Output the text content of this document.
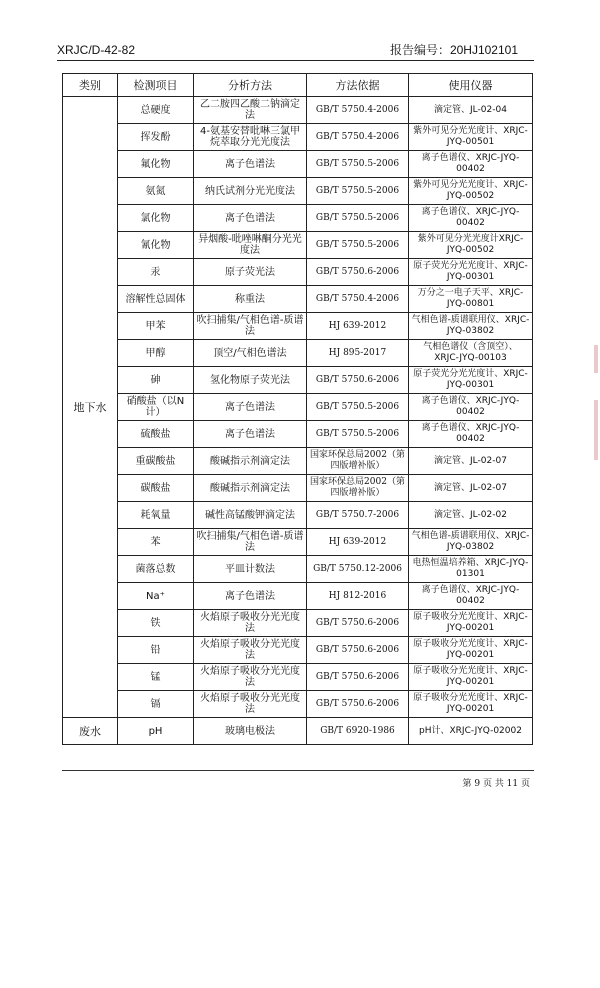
XRJC/D-42-82	报告编号：20HJ102101
类别	检测项目	分析方法	方法依据	使用仪器
地下水	总硬度	乙二胺四乙酸二钠滴定法	GB/T 5750.4-2006	滴定管、JL-02-04
	挥发酚	4-氨基安替吡啉三氯甲烷萃取分光光度法	GB/T 5750.4-2006	紫外可见分光光度计、XRJC-JYQ-00501
	氟化物	离子色谱法	GB/T 5750.5-2006	离子色谱仪、XRJC-JYQ-00402
	氨氮	纳氏试剂分光光度法	GB/T 5750.5-2006	紫外可见分光光度计、XRJC-JYQ-00502
	氯化物	离子色谱法	GB/T 5750.5-2006	离子色谱仪、XRJC-JYQ-00402
	氰化物	异烟酸-吡唑啉酮分光光度法	GB/T 5750.5-2006	紫外可见分光光度计XRJC-JYQ-00502
	汞	原子荧光法	GB/T 5750.6-2006	原子荧光分光光度计、XRJC-JYQ-00301
	溶解性总固体	称重法	GB/T 5750.4-2006	万分之一电子天平、XRJC-JYQ-00801
	甲苯	吹扫捕集/气相色谱-质谱法	HJ 639-2012	气相色谱-质谱联用仪、XRJC-JYQ-03802
	甲醇	顶空/气相色谱法	HJ 895-2017	气相色谱仪（含顶空）、XRJC-JYQ-00103
	砷	氢化物原子荧光法	GB/T 5750.6-2006	原子荧光分光光度计、XRJC-JYQ-00301
	硝酸盐（以N计）	离子色谱法	GB/T 5750.5-2006	离子色谱仪、XRJC-JYQ-00402
	硫酸盐	离子色谱法	GB/T 5750.5-2006	离子色谱仪、XRJC-JYQ-00402
	重碳酸盐	酸碱指示剂滴定法	国家环保总局2002（第四版增补版）	滴定管、JL-02-07
	碳酸盐	酸碱指示剂滴定法	国家环保总局2002（第四版增补版）	滴定管、JL-02-07
	耗氧量	碱性高锰酸钾滴定法	GB/T 5750.7-2006	滴定管、JL-02-02
	苯	吹扫捕集/气相色谱-质谱法	HJ 639-2012	气相色谱-质谱联用仪、XRJC-JYQ-03802
	菌落总数	平皿计数法	GB/T 5750.12-2006	电热恒温培养箱、XRJC-JYQ-01301
	Na⁺	离子色谱法	HJ 812-2016	离子色谱仪、XRJC-JYQ-00402
	铁	火焰原子吸收分光光度法	GB/T 5750.6-2006	原子吸收分光光度计、XRJC-JYQ-00201
	铅	火焰原子吸收分光光度法	GB/T 5750.6-2006	原子吸收分光光度计、XRJC-JYQ-00201
	锰	火焰原子吸收分光光度法	GB/T 5750.6-2006	原子吸收分光光度计、XRJC-JYQ-00201
	镉	火焰原子吸收分光光度法	GB/T 5750.6-2006	原子吸收分光光度计、XRJC-JYQ-00201
废水	pH	玻璃电极法	GB/T 6920-1986	pH计、XRJC-JYQ-02002
第 9 页 共 11 页
